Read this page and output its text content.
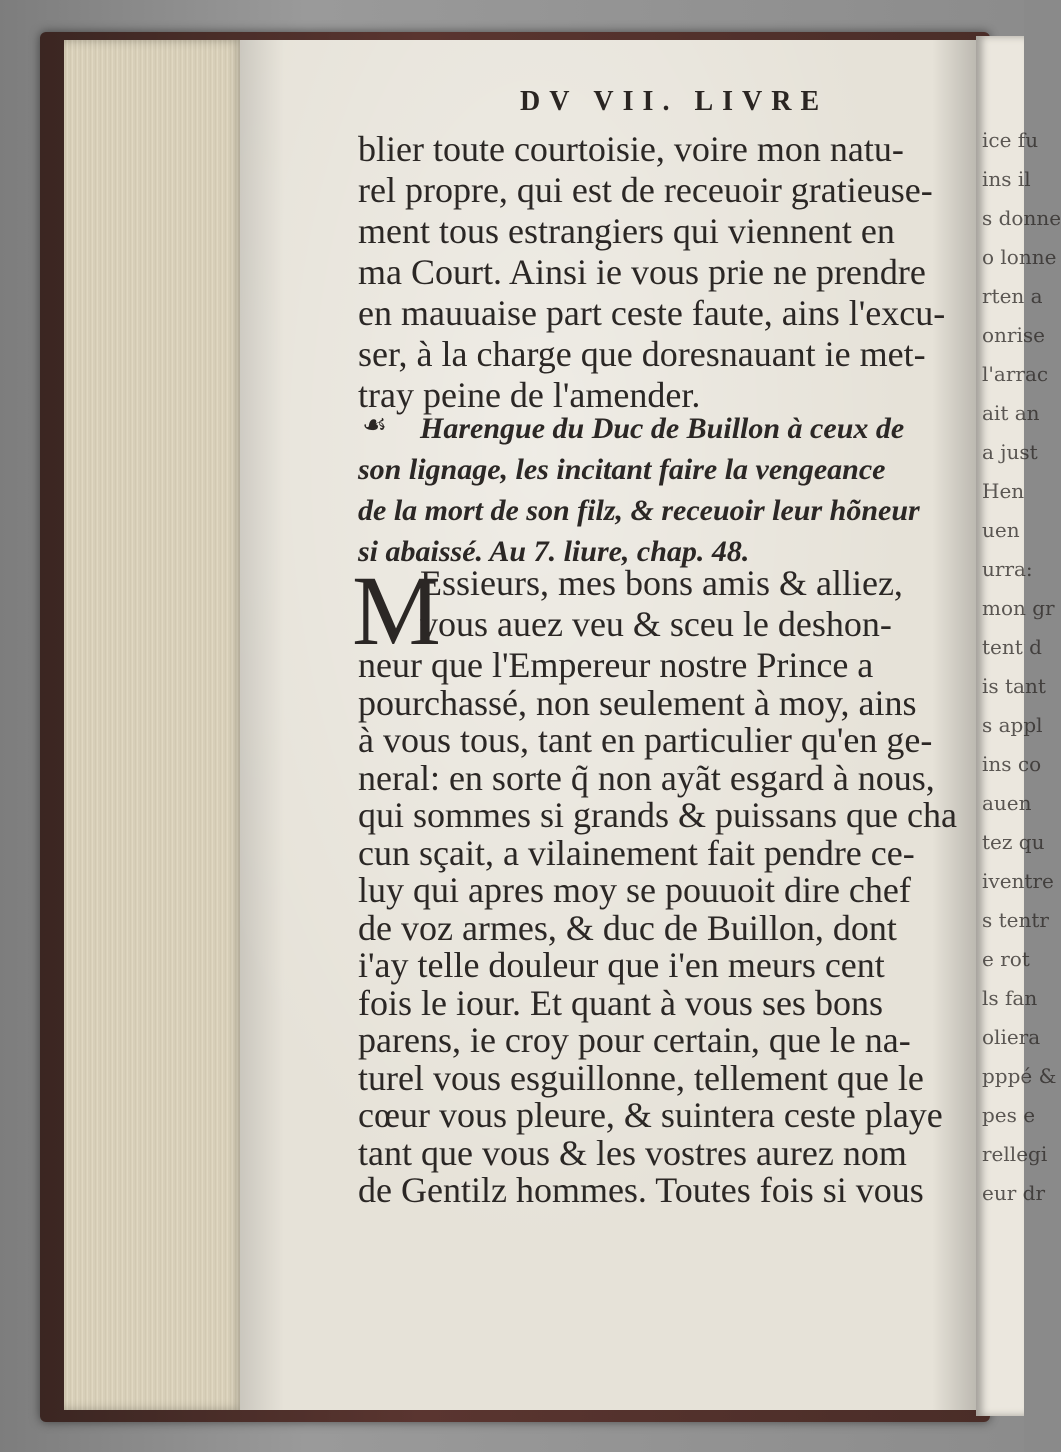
ice fu
ins il
s donne
o lonne
rten a
onrise
l'arrac
ait an
a just
Hen
uen
urra:
mon gr
tent d
is tant
s appl
ins co
auen
tez qu
iventre
s tentr
e rot
ls fan
oliera
pppé &
pes e
rellegi
eur dr
DV VII. LIVRE
blier toute courtoisie, voire mon natu-
rel propre, qui est de receuoir gratieuse-
ment tous estrangiers qui viennent en
ma Court. Ainsi ie vous prie ne prendre
en mauuaise part ceste faute, ains l'excu-
ser, à la charge que doresnauant ie met-
tray peine de l'amender.
Harengue du Duc de Buillon à ceux de
son lignage, les incitant faire la vengeance
de la mort de son filz, & receuoir leur hõneur
si abaissé. Au 7. liure, chap. 48.
Essieurs, mes bons amis & alliez,
vous auez veu & sceu le deshon-
neur que l'Empereur nostre Prince a
pourchassé, non seulement à moy, ains
à vous tous, tant en particulier qu'en ge-
neral: en sorte q̃ non ayãt esgard à nous,
qui sommes si grands & puissans que cha
cun sçait, a vilainement fait pendre ce-
luy qui apres moy se pouuoit dire chef
de voz armes, & duc de Buillon, dont
i'ay telle douleur que i'en meurs cent
fois le iour. Et quant à vous ses bons
parens, ie croy pour certain, que le na-
turel vous esguillonne, tellement que le
cœur vous pleure, & suintera ceste playe
tant que vous & les vostres aurez nom
de Gentilz hommes. Toutes fois si vous
☙
M
